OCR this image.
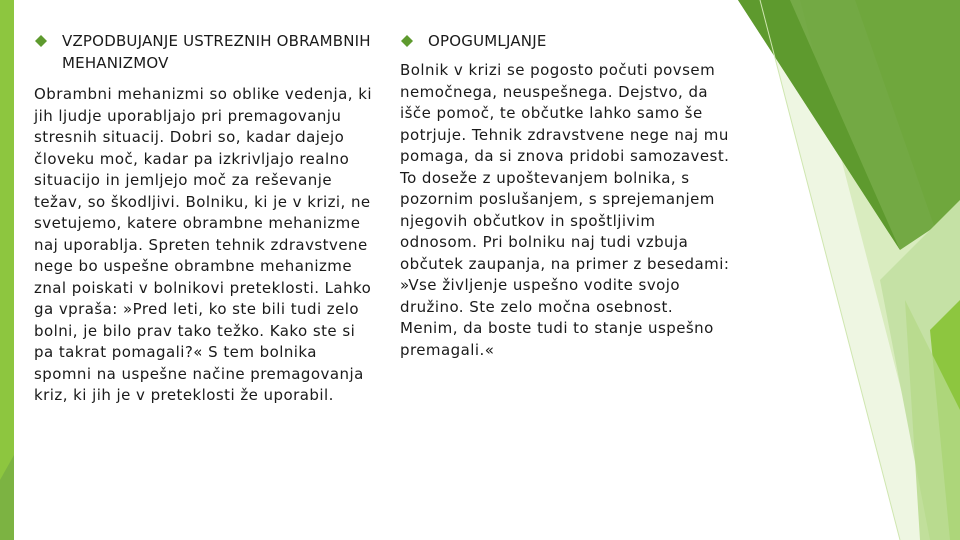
VZPODBUJANJE USTREZNIH OBRAMBNIH MEHANIZMOV

Obrambni mehanizmi so oblike vedenja, ki jih ljudje uporabljajo pri premagovanju stresnih situacij. Dobri so, kadar dajejo človeku moč, kadar pa izkrivljajo realno situacijo in jemljejo moč za reševanje težav, so škodljivi. Bolniku, ki je v krizi, ne svetujemo, katere obrambne mehanizme naj uporablja. Spreten tehnik zdravstvene nege bo uspešne obrambne mehanizme znal poiskati v bolnikovi preteklosti. Lahko ga vpraša: »Pred leti, ko ste bili tudi zelo bolni, je bilo prav tako težko. Kako ste si pa takrat pomagali?« S tem bolnika spomni na uspešne načine premagovanja kriz, ki jih je v preteklosti že uporabil.

OPOGUMLJANJE

Bolnik v krizi se pogosto počuti povsem nemočnega, neuspešnega. Dejstvo, da išče pomoč, te občutke lahko samo še potrjuje. Tehnik zdravstvene nege naj mu pomaga, da si znova pridobi samozavest. To doseže z upoštevanjem bolnika, s pozornim poslušanjem, s sprejemanjem njegovih občutkov in spoštljivim odnosom. Pri bolniku naj tudi vzbuja občutek zaupanja, na primer z besedami: »Vse življenje uspešno vodite svojo družino. Ste zelo močna osebnost. Menim, da boste tudi to stanje uspešno premagali.«
